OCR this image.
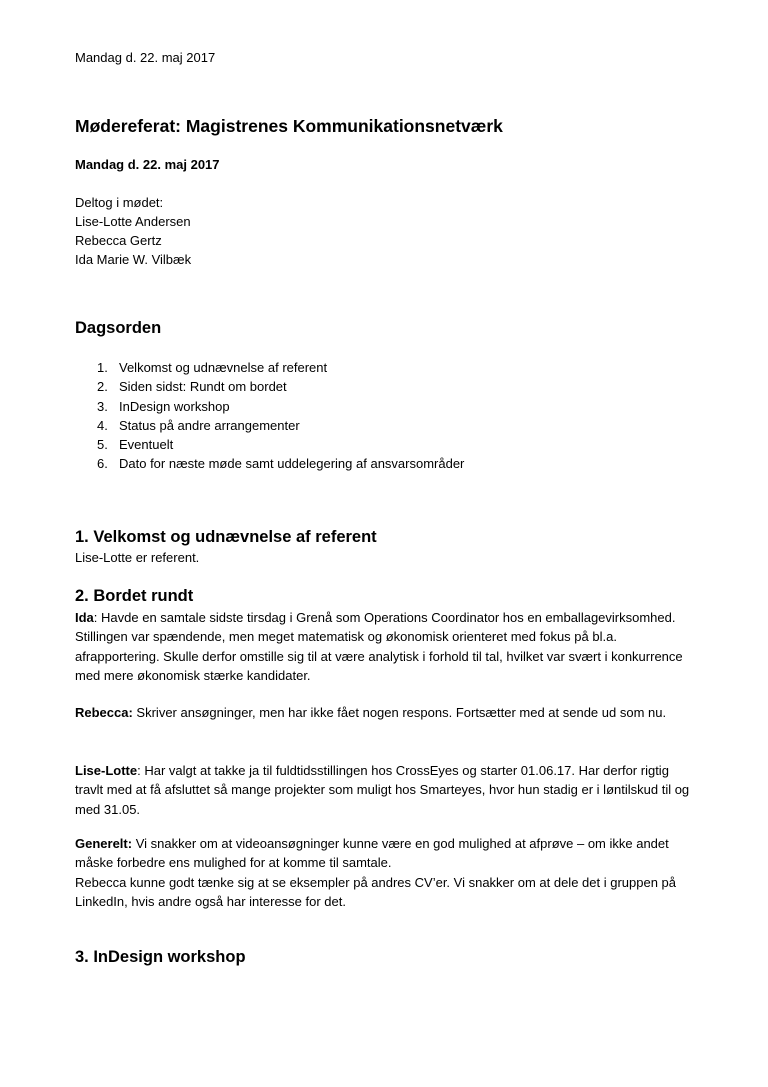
Mandag d. 22. maj 2017
Mødereferat: Magistrenes Kommunikationsnetværk
Mandag d. 22. maj 2017
Deltog i mødet:
Lise-Lotte Andersen
Rebecca Gertz
Ida Marie W. Vilbæk
Dagsorden
1. Velkomst og udnævnelse af referent
2. Siden sidst: Rundt om bordet
3. InDesign workshop
4. Status på andre arrangementer
5. Eventuelt
6. Dato for næste møde samt uddelegering af ansvarsområder
1. Velkomst og udnævnelse af referent
Lise-Lotte er referent.
2. Bordet rundt
Ida: Havde en samtale sidste tirsdag i Grenå som Operations Coordinator hos en emballagevirksomhed. Stillingen var spændende, men meget matematisk og økonomisk orienteret med fokus på bl.a. afrapportering. Skulle derfor omstille sig til at være analytisk i forhold til tal, hvilket var svært i konkurrence med mere økonomisk stærke kandidater.
Rebecca: Skriver ansøgninger, men har ikke fået nogen respons. Fortsætter med at sende ud som nu.
Lise-Lotte: Har valgt at takke ja til fuldtidsstillingen hos CrossEyes og starter 01.06.17. Har derfor rigtig travlt med at få afsluttet så mange projekter som muligt hos Smarteyes, hvor hun stadig er i løntilskud til og med 31.05.
Generelt: Vi snakker om at videoansøgninger kunne være en god mulighed at afprøve – om ikke andet måske forbedre ens mulighed for at komme til samtale.
Rebecca kunne godt tænke sig at se eksempler på andres CV’er. Vi snakker om at dele det i gruppen på LinkedIn, hvis andre også har interesse for det.
3. InDesign workshop
